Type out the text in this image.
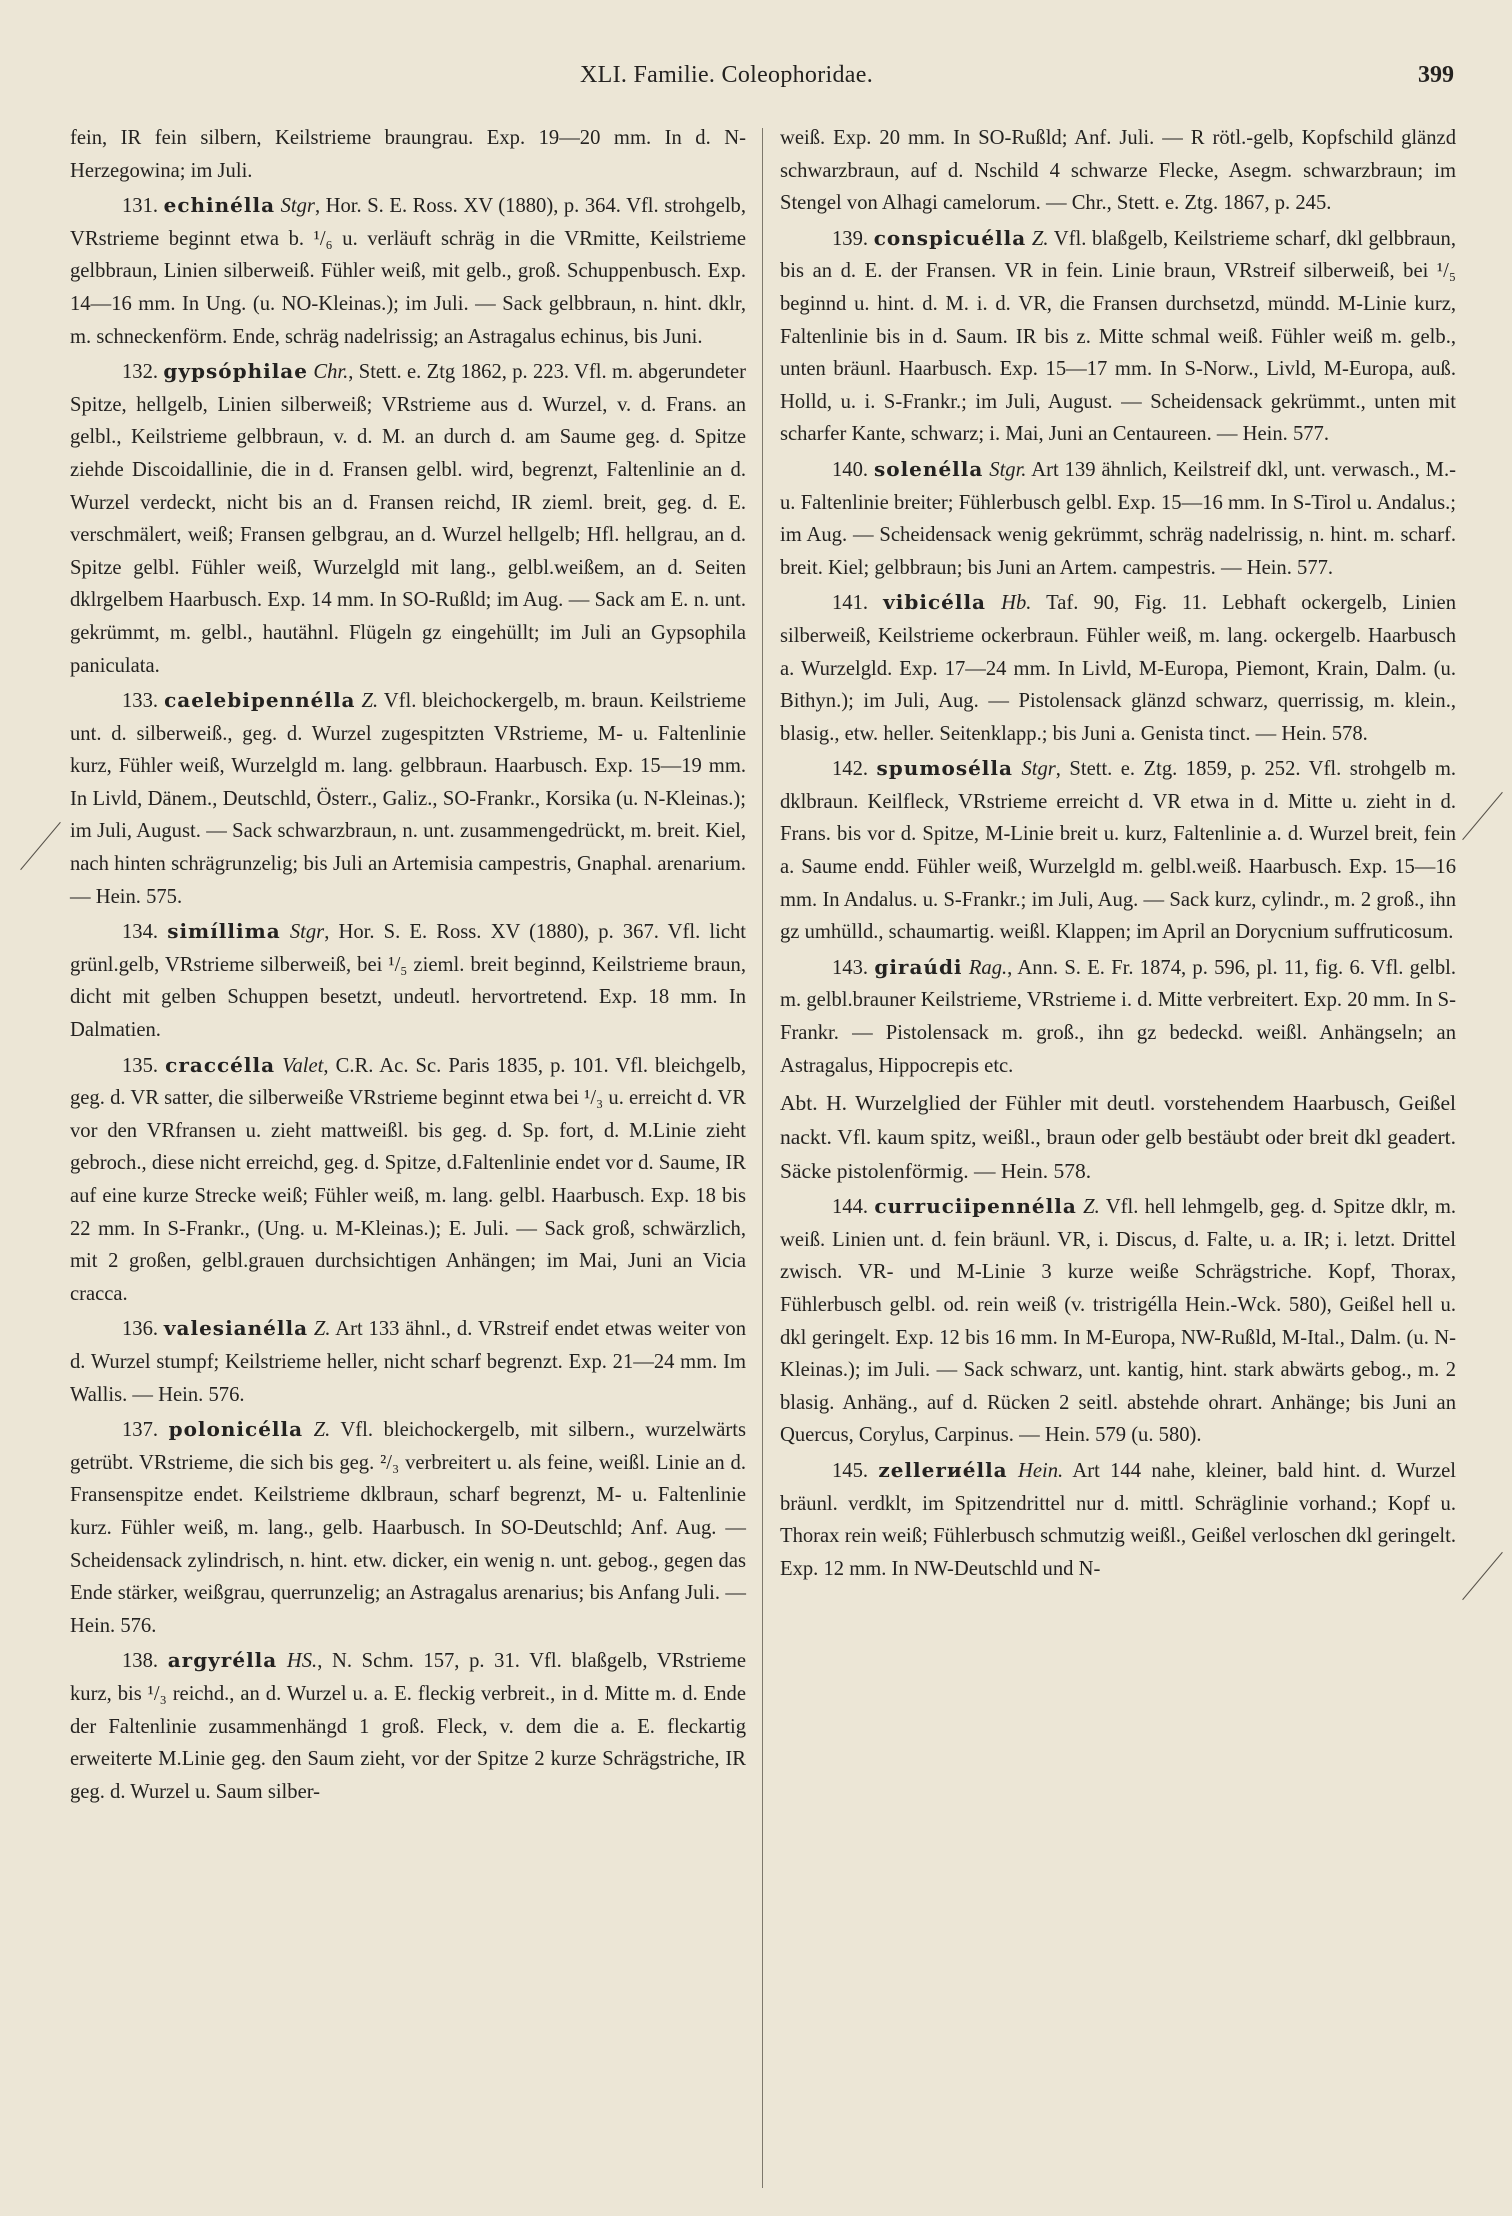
XLI. Familie. Coleophoridae.	399

fein, IR fein silbern, Keilstrieme braungrau. Exp. 19—20 mm. In d. N-Herzegowina; im Juli.

131. echinélla Stgr, Hor. S. E. Ross. XV (1880), p. 364. Vfl. strohgelb, VRstrieme beginnt etwa b. ¹/₆ u. verläuft schräg in die VRmitte, Keilstrieme gelbbraun, Linien silberweiß. Fühler weiß, mit gelb., groß. Schuppenbusch. Exp. 14—16 mm. In Ung. (u. NO-Kleinas.); im Juli. — Sack gelbbraun, n. hint. dklr, m. schneckenförm. Ende, schräg nadelrissig; an Astragalus echinus, bis Juni.

132. gypsóphilae Chr., Stett. e. Ztg 1862, p. 223. Vfl. m. abgerundeter Spitze, hellgelb, Linien silberweiß; VRstrieme aus d. Wurzel, v. d. Frans. an gelbl., Keilstrieme gelbbraun, v. d. M. an durch d. am Saume geg. d. Spitze ziehde Discoidallinie, die in d. Fransen gelbl. wird, begrenzt, Faltenlinie an d. Wurzel verdeckt, nicht bis an d. Fransen reichd, IR zieml. breit, geg. d. E. verschmälert, weiß; Fransen gelbgrau, an d. Wurzel hellgelb; Hfl. hellgrau, an d. Spitze gelbl. Fühler weiß, Wurzelgld mit lang., gelbl.weißem, an d. Seiten dklrgelbem Haarbusch. Exp. 14 mm. In SO-Rußld; im Aug. — Sack am E. n. unt. gekrümmt, m. gelbl., hautähnl. Flügeln gz eingehüllt; im Juli an Gypsophila paniculata.

133. caelebipennélla Z. Vfl. bleichockergelb, m. braun. Keilstrieme unt. d. silberweiß., geg. d. Wurzel zugespitzten VRstrieme, M- u. Faltenlinie kurz, Fühler weiß, Wurzelgld m. lang. gelbbraun. Haarbusch. Exp. 15—19 mm. In Livld, Dänem., Deutschld, Österr., Galiz., SO-Frankr., Korsika (u. N-Kleinas.); im Juli, August. — Sack schwarzbraun, n. unt. zusammengedrückt, m. breit. Kiel, nach hinten schrägrunzelig; bis Juli an Artemisia campestris, Gnaphal. arenarium. — Hein. 575.

134. simíllima Stgr, Hor. S. E. Ross. XV (1880), p. 367. Vfl. licht grünl.gelb, VRstrieme silberweiß, bei ¹/₅ zieml. breit beginnd, Keilstrieme braun, dicht mit gelben Schuppen besetzt, undeutl. hervortretend. Exp. 18 mm. In Dalmatien.

135. craccélla Valet, C.R. Ac. Sc. Paris 1835, p. 101. Vfl. bleichgelb, geg. d. VR satter, die silberweiße VRstrieme beginnt etwa bei ¹/₃ u. erreicht d. VR vor den VRfransen u. zieht mattweißl. bis geg. d. Sp. fort, d. M.Linie zieht gebroch., diese nicht erreichd, geg. d. Spitze, d.Faltenlinie endet vor d. Saume, IR auf eine kurze Strecke weiß; Fühler weiß, m. lang. gelbl. Haarbusch. Exp. 18 bis 22 mm. In S-Frankr., (Ung. u. M-Kleinas.); E. Juli. — Sack groß, schwärzlich, mit 2 großen, gelbl.grauen durchsichtigen Anhängen; im Mai, Juni an Vicia cracca.

136. valesianélla Z. Art 133 ähnl., d. VRstreif endet etwas weiter von d. Wurzel stumpf; Keilstrieme heller, nicht scharf begrenzt. Exp. 21—24 mm. Im Wallis. — Hein. 576.

137. polonicélla Z. Vfl. bleichockergelb, mit silbern., wurzelwärts getrübt. VRstrieme, die sich bis geg. ²/₃ verbreitert u. als feine, weißl. Linie an d. Fransenspitze endet. Keilstrieme dklbraun, scharf begrenzt, M- u. Faltenlinie kurz. Fühler weiß, m. lang., gelb. Haarbusch. In SO-Deutschld; Anf. Aug. — Scheidensack zylindrisch, n. hint. etw. dicker, ein wenig n. unt. gebog., gegen das Ende stärker, weißgrau, querrunzelig; an Astragalus arenarius; bis Anfang Juli. — Hein. 576.

138. argyrélla HS., N. Schm. 157, p. 31. Vfl. blaßgelb, VRstrieme kurz, bis ¹/₃ reichd., an d. Wurzel u. a. E. fleckig verbreit., in d. Mitte m. d. Ende der Faltenlinie zusammenhängd 1 groß. Fleck, v. dem die a. E. fleckartig erweiterte M.Linie geg. den Saum zieht, vor der Spitze 2 kurze Schrägstriche, IR geg. d. Wurzel u. Saum silber-

weiß. Exp. 20 mm. In SO-Rußld; Anf. Juli. — R rötl.-gelb, Kopfschild glänzd schwarzbraun, auf d. Nschild 4 schwarze Flecke, Asegm. schwarzbraun; im Stengel von Alhagi camelorum. — Chr., Stett. e. Ztg. 1867, p. 245.

139. conspicuélla Z. Vfl. blaßgelb, Keilstrieme scharf, dkl gelbbraun, bis an d. E. der Fransen. VR in fein. Linie braun, VRstreif silberweiß, bei ¹/₅ beginnd u. hint. d. M. i. d. VR, die Fransen durchsetzd, mündd. M-Linie kurz, Faltenlinie bis in d. Saum. IR bis z. Mitte schmal weiß. Fühler weiß m. gelb., unten bräunl. Haarbusch. Exp. 15—17 mm. In S-Norw., Livld, M-Europa, auß. Holld, u. i. S-Frankr.; im Juli, August. — Scheidensack gekrümmt., unten mit scharfer Kante, schwarz; i. Mai, Juni an Centaureen. — Hein. 577.

140. solenélla Stgr. Art 139 ähnlich, Keilstreif dkl, unt. verwasch., M.- u. Faltenlinie breiter; Fühlerbusch gelbl. Exp. 15—16 mm. In S-Tirol u. Andalus.; im Aug. — Scheidensack wenig gekrümmt, schräg nadelrissig, n. hint. m. scharf. breit. Kiel; gelbbraun; bis Juni an Artem. campestris. — Hein. 577.

141. vibicélla Hb. Taf. 90, Fig. 11. Lebhaft ockergelb, Linien silberweiß, Keilstrieme ockerbraun. Fühler weiß, m. lang. ockergelb. Haarbusch a. Wurzelgld. Exp. 17—24 mm. In Livld, M-Europa, Piemont, Krain, Dalm. (u. Bithyn.); im Juli, Aug. — Pistolensack glänzd schwarz, querrissig, m. klein., blasig., etw. heller. Seitenklapp.; bis Juni a. Genista tinct. — Hein. 578.

142. spumosélla Stgr, Stett. e. Ztg. 1859, p. 252. Vfl. strohgelb m. dklbraun. Keilfleck, VRstrieme erreicht d. VR etwa in d. Mitte u. zieht in d. Frans. bis vor d. Spitze, M-Linie breit u. kurz, Faltenlinie a. d. Wurzel breit, fein a. Saume endd. Fühler weiß, Wurzelgld m. gelbl.weiß. Haarbusch. Exp. 15—16 mm. In Andalus. u. S-Frankr.; im Juli, Aug. — Sack kurz, cylindr., m. 2 groß., ihn gz umhülld., schaumartig. weißl. Klappen; im April an Dorycnium suffruticosum.

143. giraúdi Rag., Ann. S. E. Fr. 1874, p. 596, pl. 11, fig. 6. Vfl. gelbl. m. gelbl.brauner Keilstrieme, VRstrieme i. d. Mitte verbreitert. Exp. 20 mm. In S-Frankr. — Pistolensack m. groß., ihn gz bedeckd. weißl. Anhängseln; an Astragalus, Hippocrepis etc.

Abt. H. Wurzelglied der Fühler mit deutl. vorstehendem Haarbusch, Geißel nackt. Vfl. kaum spitz, weißl., braun oder gelb bestäubt oder breit dkl geadert. Säcke pistolenförmig. — Hein. 578.

144. curruciipennélla Z. Vfl. hell lehmgelb, geg. d. Spitze dklr, m. weiß. Linien unt. d. fein bräunl. VR, i. Discus, d. Falte, u. a. IR; i. letzt. Drittel zwisch. VR- und M-Linie 3 kurze weiße Schrägstriche. Kopf, Thorax, Fühlerbusch gelbl. od. rein weiß (v. tristrigélla Hein.-Wck. 580), Geißel hell u. dkl geringelt. Exp. 12 bis 16 mm. In M-Europa, NW-Rußld, M-Ital., Dalm. (u. N-Kleinas.); im Juli. — Sack schwarz, unt. kantig, hint. stark abwärts gebog., m. 2 blasig. Anhäng., auf d. Rücken 2 seitl. abstehde ohrart. Anhänge; bis Juni an Quercus, Corylus, Carpinus. — Hein. 579 (u. 580).

145. zellerиélla Hein. Art 144 nahe, kleiner, bald hint. d. Wurzel bräunl. verdklt, im Spitzendrittel nur d. mittl. Schräglinie vorhand.; Kopf u. Thorax rein weiß; Fühlerbusch schmutzig weißl., Geißel verloschen dkl geringelt. Exp. 12 mm. In NW-Deutschld und N-
